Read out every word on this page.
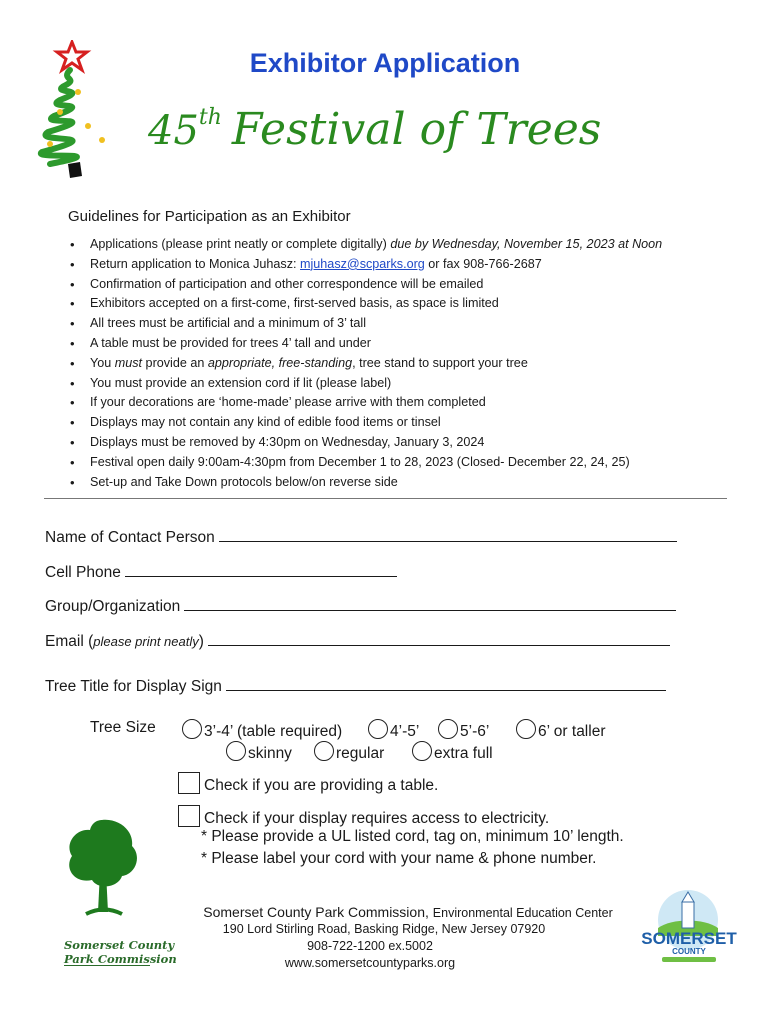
Exhibitor Application
45th Festival of Trees
Guidelines for Participation as an Exhibitor
• Applications (please print neatly or complete digitally) due by Wednesday, November 15, 2023 at Noon
• Return application to Monica Juhasz: mjuhasz@scparks.org or fax 908-766-2687
• Confirmation of participation and other correspondence will be emailed
• Exhibitors accepted on a first-come, first-served basis, as space is limited
• All trees must be artificial and a minimum of 3’ tall
• A table must be provided for trees 4’ tall and under
• You must provide an appropriate, free-standing, tree stand to support your tree
• You must provide an extension cord if lit (please label)
• If your decorations are ‘home-made’ please arrive with them completed
• Displays may not contain any kind of edible food items or tinsel
• Displays must be removed by 4:30pm on Wednesday, January 3, 2024
• Festival open daily 9:00am-4:30pm from December 1 to 28, 2023 (Closed- December 22, 24, 25)
• Set-up and Take Down protocols below/on reverse side
Name of Contact Person
Cell Phone
Group/Organization
Email (please print neatly)
Tree Title for Display Sign
Tree Size	3’-4’ (table required)	4’-5’	5’-6’	6’ or taller
skinny	regular	extra full
Check if you are providing a table.
Check if your display requires access to electricity.
* Please provide a UL listed cord, tag on, minimum 10’ length.
* Please label your cord with your name & phone number.
Somerset County
Park Commission
Somerset County Park Commission, Environmental Education Center
190 Lord Stirling Road, Basking Ridge, New Jersey 07920
908-722-1200 ex.5002
www.somersetcountyparks.org
SOMERSET
COUNTY
